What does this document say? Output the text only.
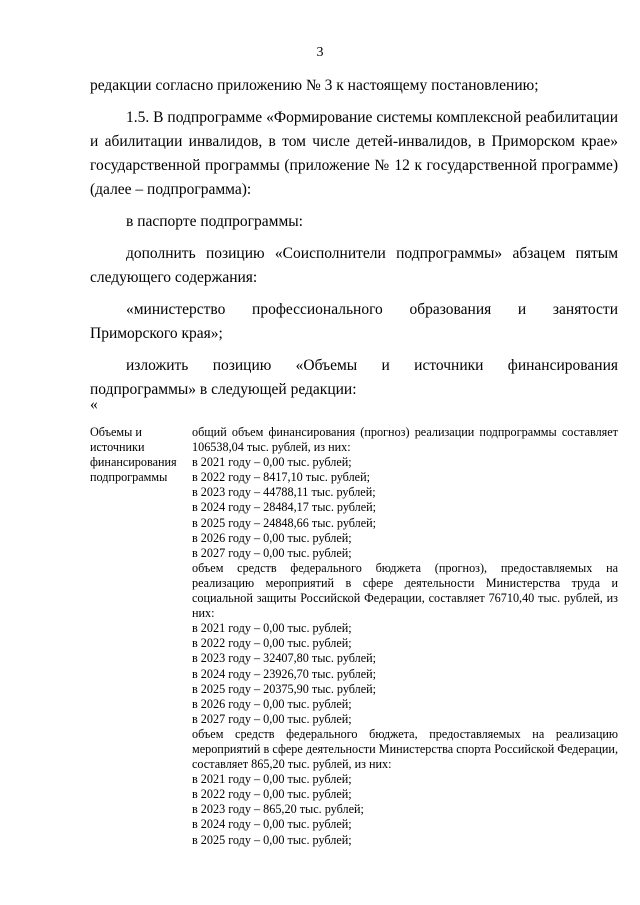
3

редакции согласно приложению № 3 к настоящему постановлению;

1.5. В подпрограмме «Формирование системы комплексной реабилитации и абилитации инвалидов, в том числе детей-инвалидов, в Приморском крае» государственной программы (приложение № 12 к государственной программе) (далее – подпрограмма):

в паспорте подпрограммы:

дополнить позицию «Соисполнители подпрограммы» абзацем пятым следующего содержания:

«министерство профессионального образования и занятости Приморского края»;

изложить позицию «Объемы и источники финансирования подпрограммы» в следующей редакции:

«
Объемы и источники финансирования подпрограммы
общий объем финансирования (прогноз) реализации подпрограммы составляет 106538,04 тыс. рублей, из них:
в 2021 году – 0,00 тыс. рублей;
в 2022 году – 8417,10 тыс. рублей;
в 2023 году – 44788,11 тыс. рублей;
в 2024 году – 28484,17 тыс. рублей;
в 2025 году – 24848,66 тыс. рублей;
в 2026 году – 0,00 тыс. рублей;
в 2027 году – 0,00 тыс. рублей;
объем средств федерального бюджета (прогноз), предоставляемых на реализацию мероприятий в сфере деятельности Министерства труда и социальной защиты Российской Федерации, составляет 76710,40 тыс. рублей, из них:
в 2021 году – 0,00 тыс. рублей;
в 2022 году – 0,00 тыс. рублей;
в 2023 году – 32407,80 тыс. рублей;
в 2024 году – 23926,70 тыс. рублей;
в 2025 году – 20375,90 тыс. рублей;
в 2026 году – 0,00 тыс. рублей;
в 2027 году – 0,00 тыс. рублей;
объем средств федерального бюджета, предоставляемых на реализацию мероприятий в сфере деятельности Министерства спорта Российской Федерации, составляет 865,20 тыс. рублей, из них:
в 2021 году – 0,00 тыс. рублей;
в 2022 году – 0,00 тыс. рублей;
в 2023 году – 865,20 тыс. рублей;
в 2024 году – 0,00 тыс. рублей;
в 2025 году – 0,00 тыс. рублей;
